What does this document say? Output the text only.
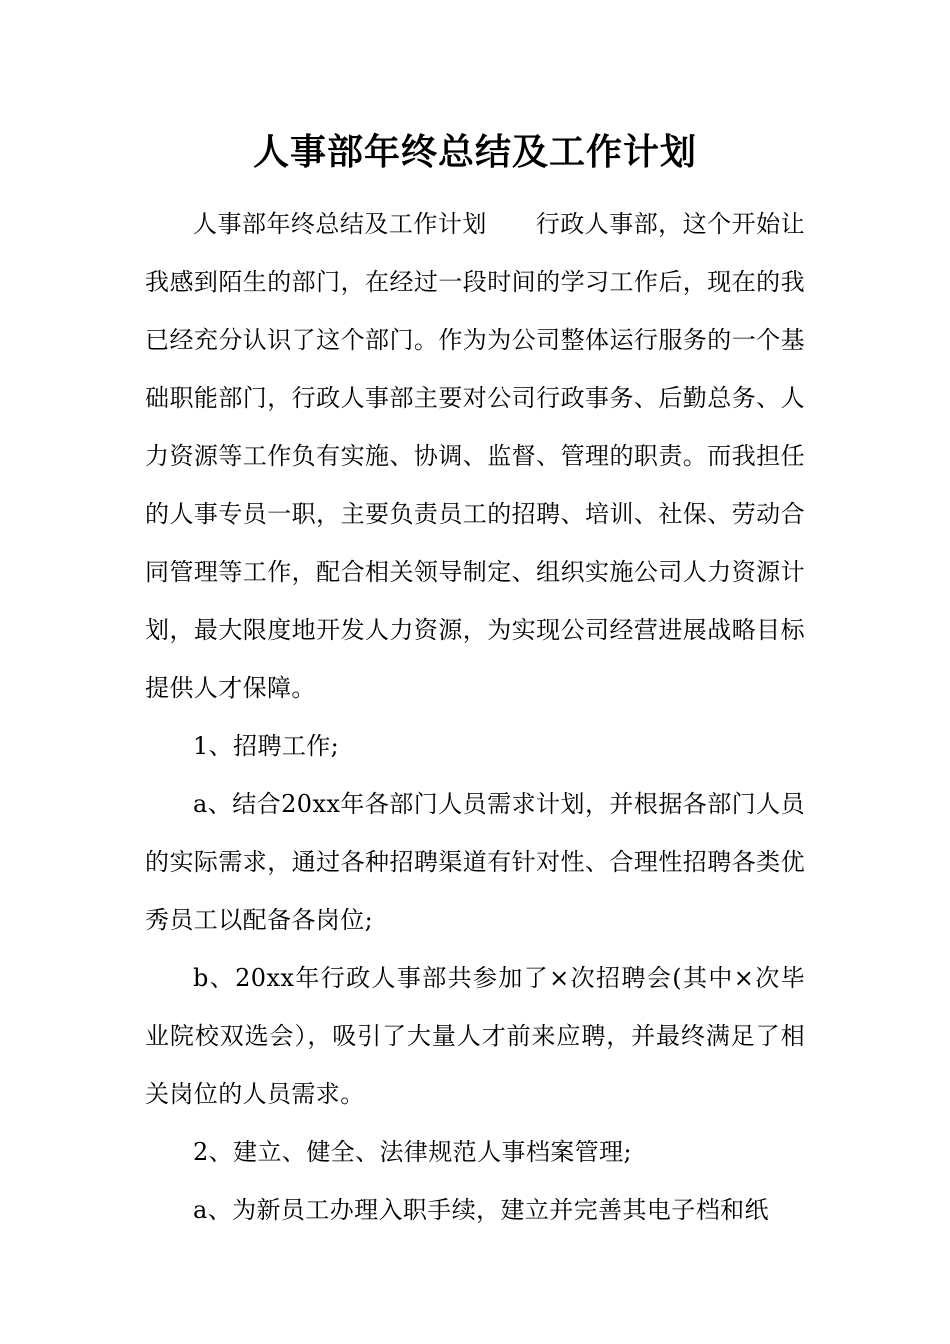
人事部年终总结及工作计划

人事部年终总结及工作计划　　行政人事部，这个开始让我感到陌生的部门，在经过一段时间的学习工作后，现在的我已经充分认识了这个部门。作为为公司整体运行服务的一个基础职能部门，行政人事部主要对公司行政事务、后勤总务、人力资源等工作负有实施、协调、监督、管理的职责。而我担任的人事专员一职，主要负责员工的招聘、培训、社保、劳动合同管理等工作，配合相关领导制定、组织实施公司人力资源计划，最大限度地开发人力资源，为实现公司经营进展战略目标提供人才保障。

1、招聘工作;

a、结合20xx年各部门人员需求计划，并根据各部门人员的实际需求，通过各种招聘渠道有针对性、合理性招聘各类优秀员工以配备各岗位;

b、20xx年行政人事部共参加了×次招聘会(其中×次毕业院校双选会），吸引了大量人才前来应聘，并最终满足了相关岗位的人员需求。

2、建立、健全、法律规范人事档案管理;

a、为新员工办理入职手续，建立并完善其电子档和纸
